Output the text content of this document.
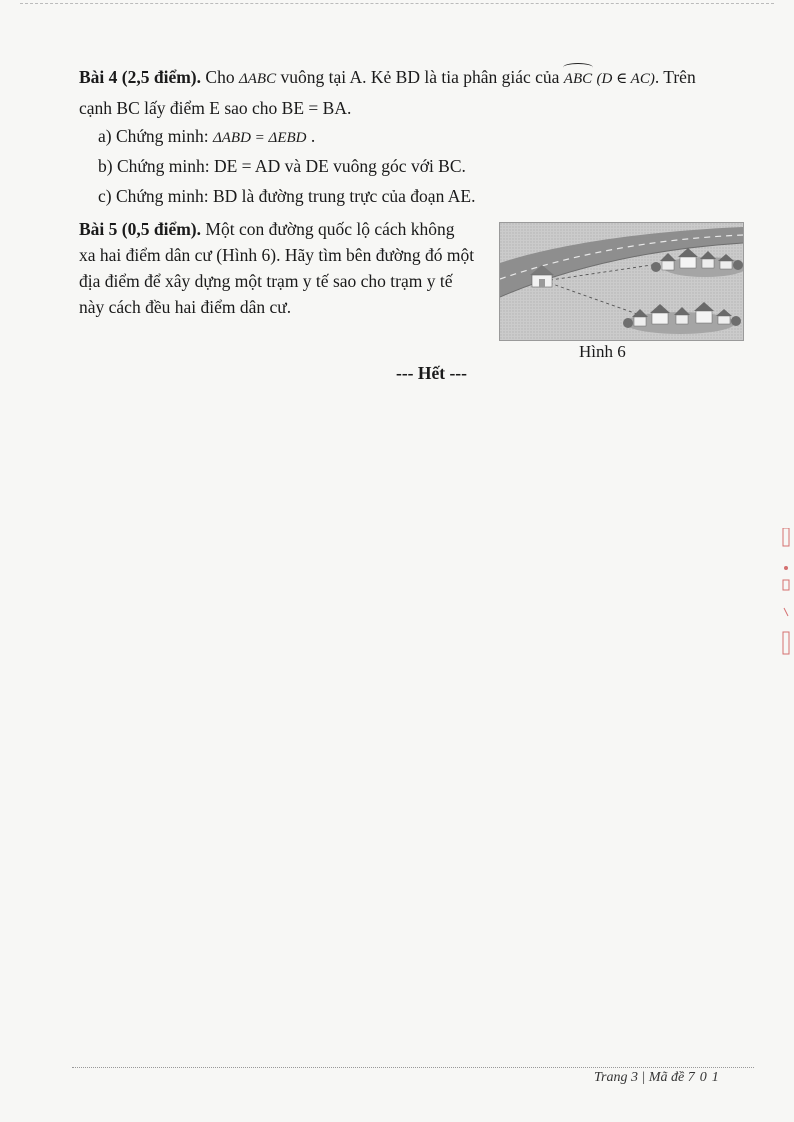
Bài 4 (2,5 điểm). Cho ΔABC vuông tại A. Kẻ BD là tia phân giác của ABC (D ∈ AC). Trên
cạnh BC lấy điểm E sao cho BE = BA.
a) Chứng minh: ΔABD = ΔEBD .
b) Chứng minh: DE = AD và DE vuông góc với BC.
c) Chứng minh: BD là đường trung trực của đoạn AE.
Bài 5 (0,5 điểm). Một con đường quốc lộ cách không
xa hai điểm dân cư (Hình 6). Hãy tìm bên đường đó một
địa điểm để xây dựng một trạm y tế sao cho trạm y tế
này cách đều hai điểm dân cư.
Hình 6
--- Hết ---
Trang 3 | Mã đề 701
